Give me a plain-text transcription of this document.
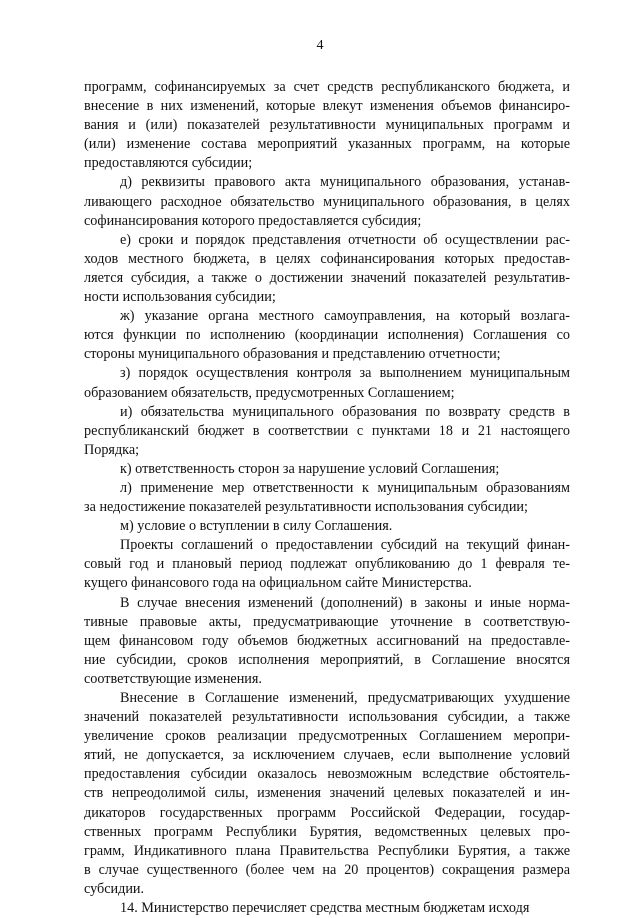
4
программ, софинансируемых за счет средств республиканского бюджета, и
внесение в них изменений, которые влекут изменения объемов финансиро-
вания и (или) показателей результативности муниципальных программ и
(или) изменение состава мероприятий указанных программ, на которые
предоставляются субсидии;
д) реквизиты правового акта муниципального образования, устанав-
ливающего расходное обязательство муниципального образования, в целях
софинансирования которого предоставляется субсидия;
е) сроки и порядок представления отчетности об осуществлении рас-
ходов местного бюджета, в целях софинансирования которых предостав-
ляется субсидия, а также о достижении значений показателей результатив-
ности использования субсидии;
ж) указание органа местного самоуправления, на который возлага-
ются функции по исполнению (координации исполнения) Соглашения со
стороны муниципального образования и представлению отчетности;
з) порядок осуществления контроля за выполнением муниципальным
образованием обязательств, предусмотренных Соглашением;
и) обязательства муниципального образования по возврату средств в
республиканский бюджет в соответствии с пунктами 18 и 21 настоящего
Порядка;
к) ответственность сторон за нарушение условий Соглашения;
л) применение мер ответственности к муниципальным образованиям
за недостижение показателей результативности использования субсидии;
м) условие о вступлении в силу Соглашения.
Проекты соглашений о предоставлении субсидий на текущий финан-
совый год и плановый период подлежат опубликованию до 1 февраля те-
кущего финансового года на официальном сайте Министерства.
В случае внесения изменений (дополнений) в законы и иные норма-
тивные правовые акты, предусматривающие уточнение в соответствую-
щем финансовом году объемов бюджетных ассигнований на предоставле-
ние субсидии, сроков исполнения мероприятий, в Соглашение вносятся
соответствующие изменения.
Внесение в Соглашение изменений, предусматривающих ухудшение
значений показателей результативности использования субсидии, а также
увеличение сроков реализации предусмотренных Соглашением меропри-
ятий, не допускается, за исключением случаев, если выполнение условий
предоставления субсидии оказалось невозможным вследствие обстоятель-
ств непреодолимой силы, изменения значений целевых показателей и ин-
дикаторов государственных программ Российской Федерации, государ-
ственных программ Республики Бурятия, ведомственных целевых про-
грамм, Индикативного плана Правительства Республики Бурятия, а также
в случае существенного (более чем на 20 процентов) сокращения размера
субсидии.
14. Министерство перечисляет средства местным бюджетам исходя
